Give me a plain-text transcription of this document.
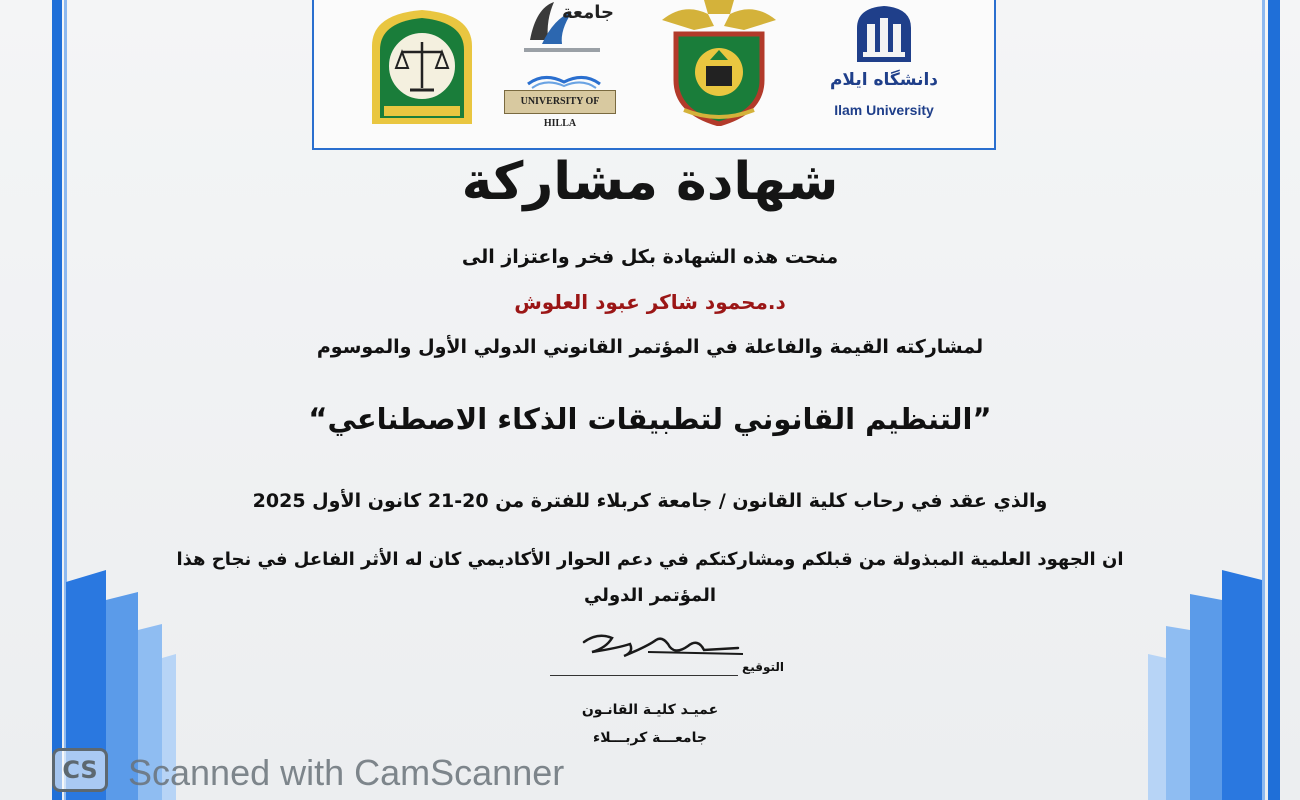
جامعة
UNIVERSITY OF HILLA
دانشگاه ایلام
Ilam University
شهادة مشاركة
منحت هذه الشهادة بكل فخر واعتزاز الى
د.محمود شاكر عبود العلوش
لمشاركته القيمة والفاعلة في المؤتمر القانوني الدولي الأول والموسوم
”التنظيم القانوني لتطبيقات الذكاء الاصطناعي“
والذي عقد في رحاب كلية القانون / جامعة كربلاء للفترة من 20-21 كانون الأول 2025
ان الجهود العلمية المبذولة من قبلكم ومشاركتكم في دعم الحوار الأكاديمي كان له الأثر الفاعل في نجاح هذا
المؤتمر الدولي
التوقيع
عميـد كليـة القانـون
جامعـــة كربـــلاء
CS Scanned with CamScanner
